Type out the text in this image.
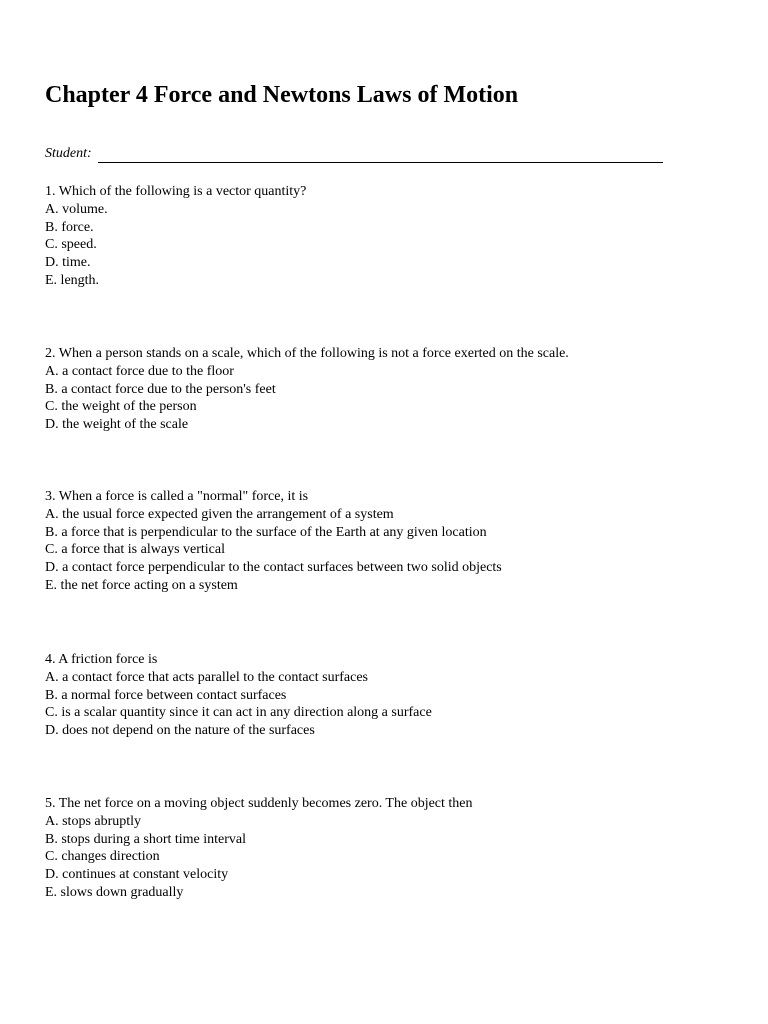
Chapter 4 Force and Newtons Laws of Motion
Student:
1. Which of the following is a vector quantity?
A. volume.
B. force.
C. speed.
D. time.
E. length.
2. When a person stands on a scale, which of the following is not a force exerted on the scale.
A. a contact force due to the floor
B. a contact force due to the person's feet
C. the weight of the person
D. the weight of the scale
3. When a force is called a "normal" force, it is
A. the usual force expected given the arrangement of a system
B. a force that is perpendicular to the surface of the Earth at any given location
C. a force that is always vertical
D. a contact force perpendicular to the contact surfaces between two solid objects
E. the net force acting on a system
4. A friction force is
A. a contact force that acts parallel to the contact surfaces
B. a normal force between contact surfaces
C. is a scalar quantity since it can act in any direction along a surface
D. does not depend on the nature of the surfaces
5. The net force on a moving object suddenly becomes zero. The object then
A. stops abruptly
B. stops during a short time interval
C. changes direction
D. continues at constant velocity
E. slows down gradually
